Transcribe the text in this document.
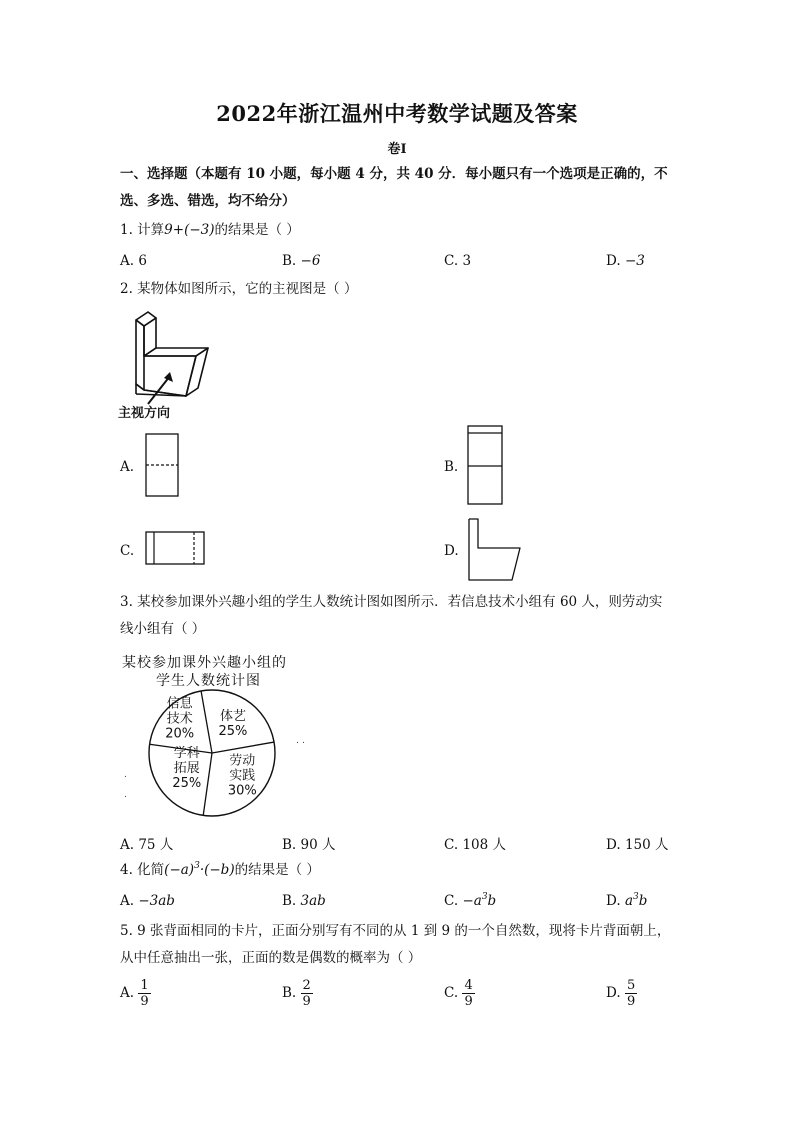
2022年浙江温州中考数学试题及答案
卷Ⅰ
一、选择题（本题有 10 小题，每小题 4 分，共 40 分．每小题只有一个选项是正确的，不
选、多选、错选，均不给分）
1. 计算9+(−3)的结果是（ ）
A. 6	B. −6	C. 3	D. −3
2. 某物体如图所示，它的主视图是（ ）
主视方向
A.	B.
C.	D.
3. 某校参加课外兴趣小组的学生人数统计图如图所示．若信息技术小组有 60 人，则劳动实
线小组有（ ）
某校参加课外兴趣小组的
学生人数统计图
信息
技术
20%
体艺
25%
劳动
实践
30%
学科
拓展
25%
. .
.
.
A. 75 人	B. 90 人	C. 108 人	D. 150 人
4. 化简$(-a)^3\cdot(-b)$的结果是（ ）
A. −3ab	B. 3ab	C. $-a^3b$	D. $a^3b$
5. 9 张背面相同的卡片，正面分别写有不同的从 1 到 9 的一个自然数，现将卡片背面朝上，
从中任意抽出一张，正面的数是偶数的概率为（ ）
A. $\frac{1}{9}$	B. $\frac{2}{9}$	C. $\frac{4}{9}$	D. $\frac{5}{9}$
